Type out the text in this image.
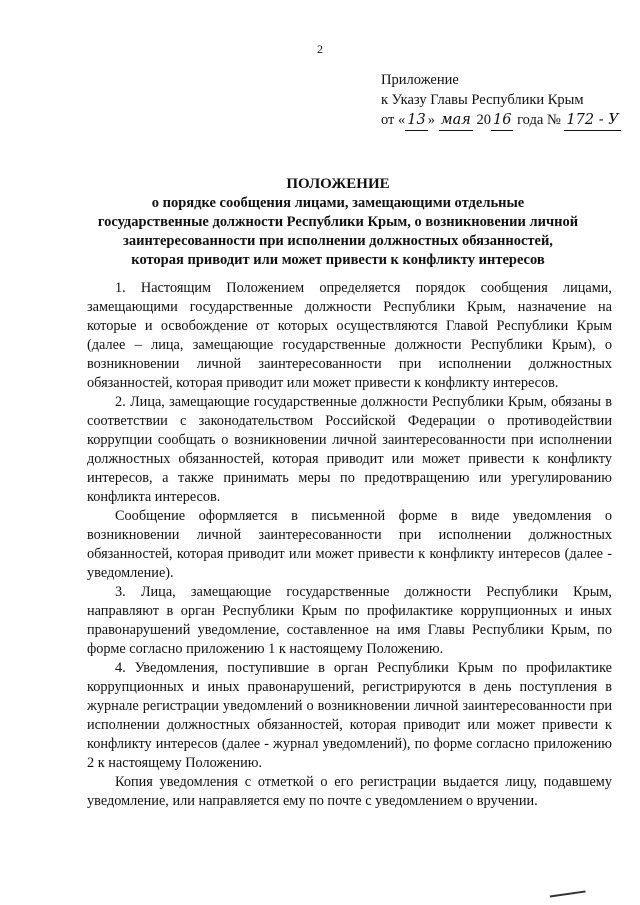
2
Приложение
к Указу Главы Республики Крым
от « 13 » мая 20 16 года № 172 - У
ПОЛОЖЕНИЕ
о порядке сообщения лицами, замещающими отдельные
государственные должности Республики Крым, о возникновении личной
заинтересованности при исполнении должностных обязанностей,
которая приводит или может привести к конфликту интересов

1. Настоящим Положением определяется порядок сообщения лицами, замещающими государственные должности Республики Крым, назначение на которые и освобождение от которых осуществляются Главой Республики Крым (далее – лица, замещающие государственные должности Республики Крым), о возникновении личной заинтересованности при исполнении должностных обязанностей, которая приводит или может привести к конфликту интересов.

2. Лица, замещающие государственные должности Республики Крым, обязаны в соответствии с законодательством Российской Федерации о противодействии коррупции сообщать о возникновении личной заинтересованности при исполнении должностных обязанностей, которая приводит или может привести к конфликту интересов, а также принимать меры по предотвращению или урегулированию конфликта интересов.

Сообщение оформляется в письменной форме в виде уведомления о возникновении личной заинтересованности при исполнении должностных обязанностей, которая приводит или может привести к конфликту интересов (далее - уведомление).

3. Лица, замещающие государственные должности Республики Крым, направляют в орган Республики Крым по профилактике коррупционных и иных правонарушений уведомление, составленное на имя Главы Республики Крым, по форме согласно приложению 1 к настоящему Положению.

4. Уведомления, поступившие в орган Республики Крым по профилактике коррупционных и иных правонарушений, регистрируются в день поступления в журнале регистрации уведомлений о возникновении личной заинтересованности при исполнении должностных обязанностей, которая приводит или может привести к конфликту интересов (далее - журнал уведомлений), по форме согласно приложению 2 к настоящему Положению.

Копия уведомления с отметкой о его регистрации выдается лицу, подавшему уведомление, или направляется ему по почте с уведомлением о вручении.
